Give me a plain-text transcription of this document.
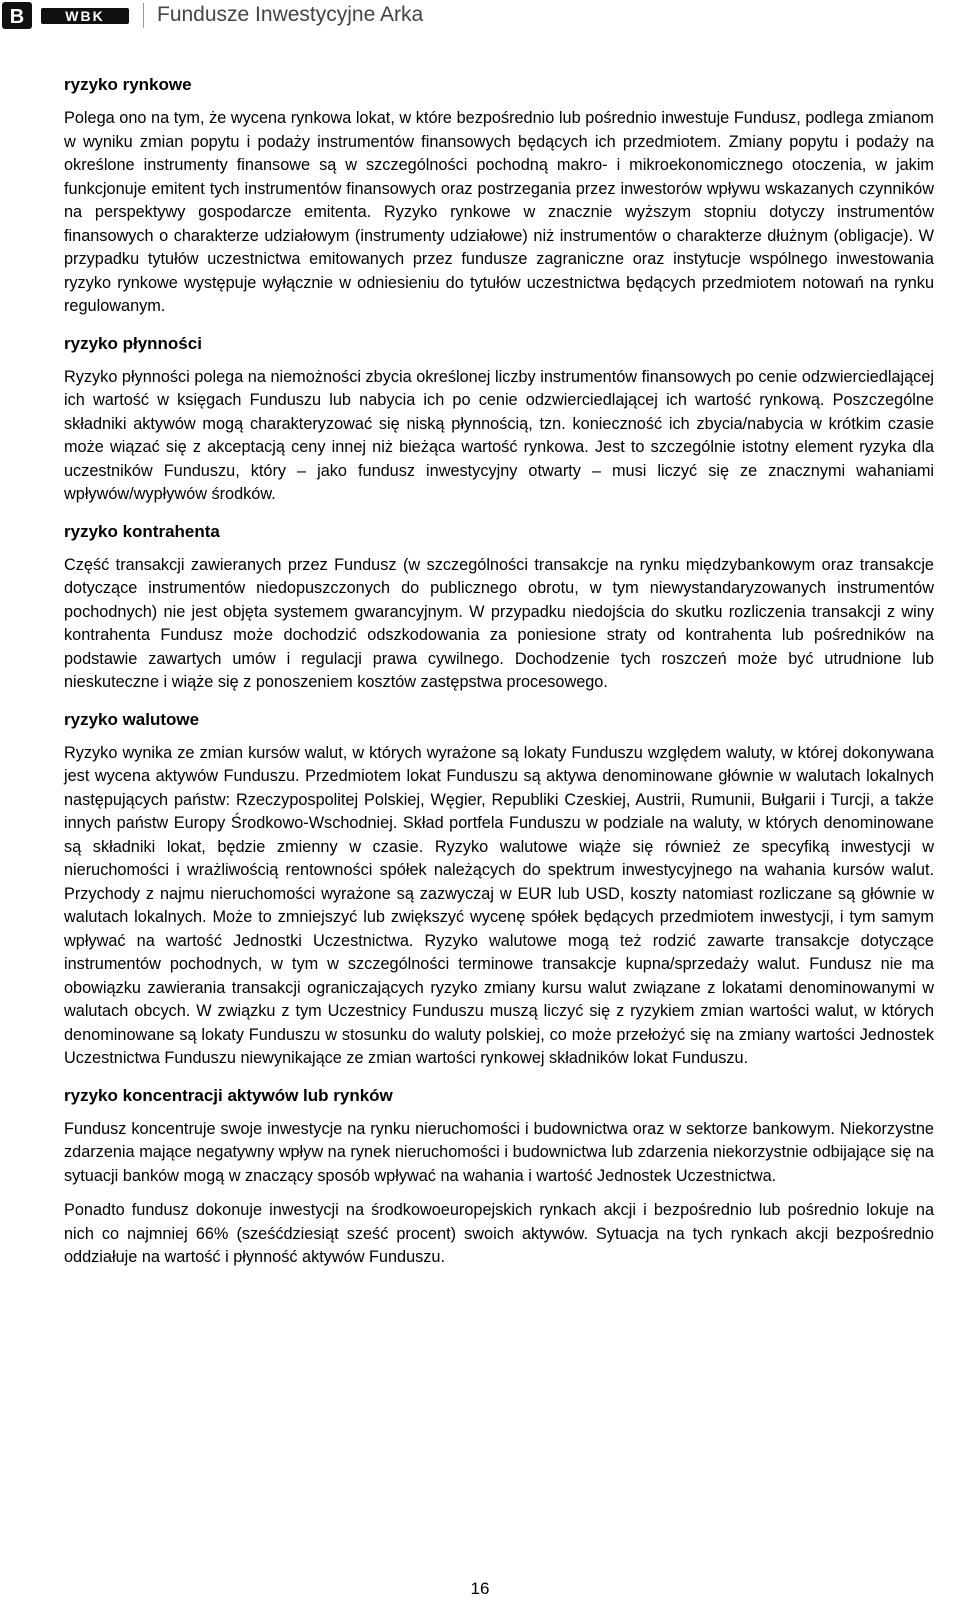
B	WBK Fundusze Inwestycyjne Arka
ryzyko rynkowe

Polega ono na tym, że wycena rynkowa lokat, w które bezpośrednio lub pośrednio inwestuje Fundusz, podlega zmianom w wyniku zmian popytu i podaży instrumentów finansowych będących ich przedmiotem. Zmiany popytu i podaży na określone instrumenty finansowe są w szczególności pochodną makro- i mikroekonomicznego otoczenia, w jakim funkcjonuje emitent tych instrumentów finansowych oraz postrzegania przez inwestorów wpływu wskazanych czynników na perspektywy gospodarcze emitenta. Ryzyko rynkowe w znacznie wyższym stopniu dotyczy instrumentów finansowych o charakterze udziałowym (instrumenty udziałowe) niż instrumentów o charakterze dłużnym (obligacje). W przypadku tytułów uczestnictwa emitowanych przez fundusze zagraniczne oraz instytucje wspólnego inwestowania ryzyko rynkowe występuje wyłącznie w odniesieniu do tytułów uczestnictwa będących przedmiotem notowań na rynku regulowanym.

ryzyko płynności

Ryzyko płynności polega na niemożności zbycia określonej liczby instrumentów finansowych po cenie odzwierciedlającej ich wartość w księgach Funduszu lub nabycia ich po cenie odzwierciedlającej ich wartość rynkową. Poszczególne składniki aktywów mogą charakteryzować się niską płynnością, tzn. konieczność ich zbycia/nabycia w krótkim czasie może wiązać się z akceptacją ceny innej niż bieżąca wartość rynkowa. Jest to szczególnie istotny element ryzyka dla uczestników Funduszu, który – jako fundusz inwestycyjny otwarty – musi liczyć się ze znacznymi wahaniami wpływów/wypływów środków.

ryzyko kontrahenta

Część transakcji zawieranych przez Fundusz (w szczególności transakcje na rynku międzybankowym oraz transakcje dotyczące instrumentów niedopuszczonych do publicznego obrotu, w tym niewystandaryzowanych instrumentów pochodnych) nie jest objęta systemem gwarancyjnym. W przypadku niedojścia do skutku rozliczenia transakcji z winy kontrahenta Fundusz może dochodzić odszkodowania za poniesione straty od kontrahenta lub pośredników na podstawie zawartych umów i regulacji prawa cywilnego. Dochodzenie tych roszczeń może być utrudnione lub nieskuteczne i wiąże się z ponoszeniem kosztów zastępstwa procesowego.

ryzyko walutowe

Ryzyko wynika ze zmian kursów walut, w których wyrażone są lokaty Funduszu względem waluty, w której dokonywana jest wycena aktywów Funduszu. Przedmiotem lokat Funduszu są aktywa denominowane głównie w walutach lokalnych następujących państw: Rzeczypospolitej Polskiej, Węgier, Republiki Czeskiej, Austrii, Rumunii, Bułgarii i Turcji, a także innych państw Europy Środkowo-Wschodniej. Skład portfela Funduszu w podziale na waluty, w których denominowane są składniki lokat, będzie zmienny w czasie. Ryzyko walutowe wiąże się również ze specyfiką inwestycji w nieruchomości i wrażliwością rentowności spółek należących do spektrum inwestycyjnego na wahania kursów walut. Przychody z najmu nieruchomości wyrażone są zazwyczaj w EUR lub USD, koszty natomiast rozliczane są głównie w walutach lokalnych. Może to zmniejszyć lub zwiększyć wycenę spółek będących przedmiotem inwestycji, i tym samym wpływać na wartość Jednostki Uczestnictwa. Ryzyko walutowe mogą też rodzić zawarte transakcje dotyczące instrumentów pochodnych, w tym w szczególności terminowe transakcje kupna/sprzedaży walut. Fundusz nie ma obowiązku zawierania transakcji ograniczających ryzyko zmiany kursu walut związane z lokatami denominowanymi w walutach obcych. W związku z tym Uczestnicy Funduszu muszą liczyć się z ryzykiem zmian wartości walut, w których denominowane są lokaty Funduszu w stosunku do waluty polskiej, co może przełożyć się na zmiany wartości Jednostek Uczestnictwa Funduszu niewynikające ze zmian wartości rynkowej składników lokat Funduszu.

ryzyko koncentracji aktywów lub rynków

Fundusz koncentruje swoje inwestycje na rynku nieruchomości i budownictwa oraz w sektorze bankowym. Niekorzystne zdarzenia mające negatywny wpływ na rynek nieruchomości i budownictwa lub zdarzenia niekorzystnie odbijające się na sytuacji banków mogą w znaczący sposób wpływać na wahania i wartość Jednostek Uczestnictwa.

Ponadto fundusz dokonuje inwestycji na środkowoeuropejskich rynkach akcji i bezpośrednio lub pośrednio lokuje na nich co najmniej 66% (sześćdziesiąt sześć procent) swoich aktywów. Sytuacja na tych rynkach akcji bezpośrednio oddziałuje na wartość i płynność aktywów Funduszu.

16
